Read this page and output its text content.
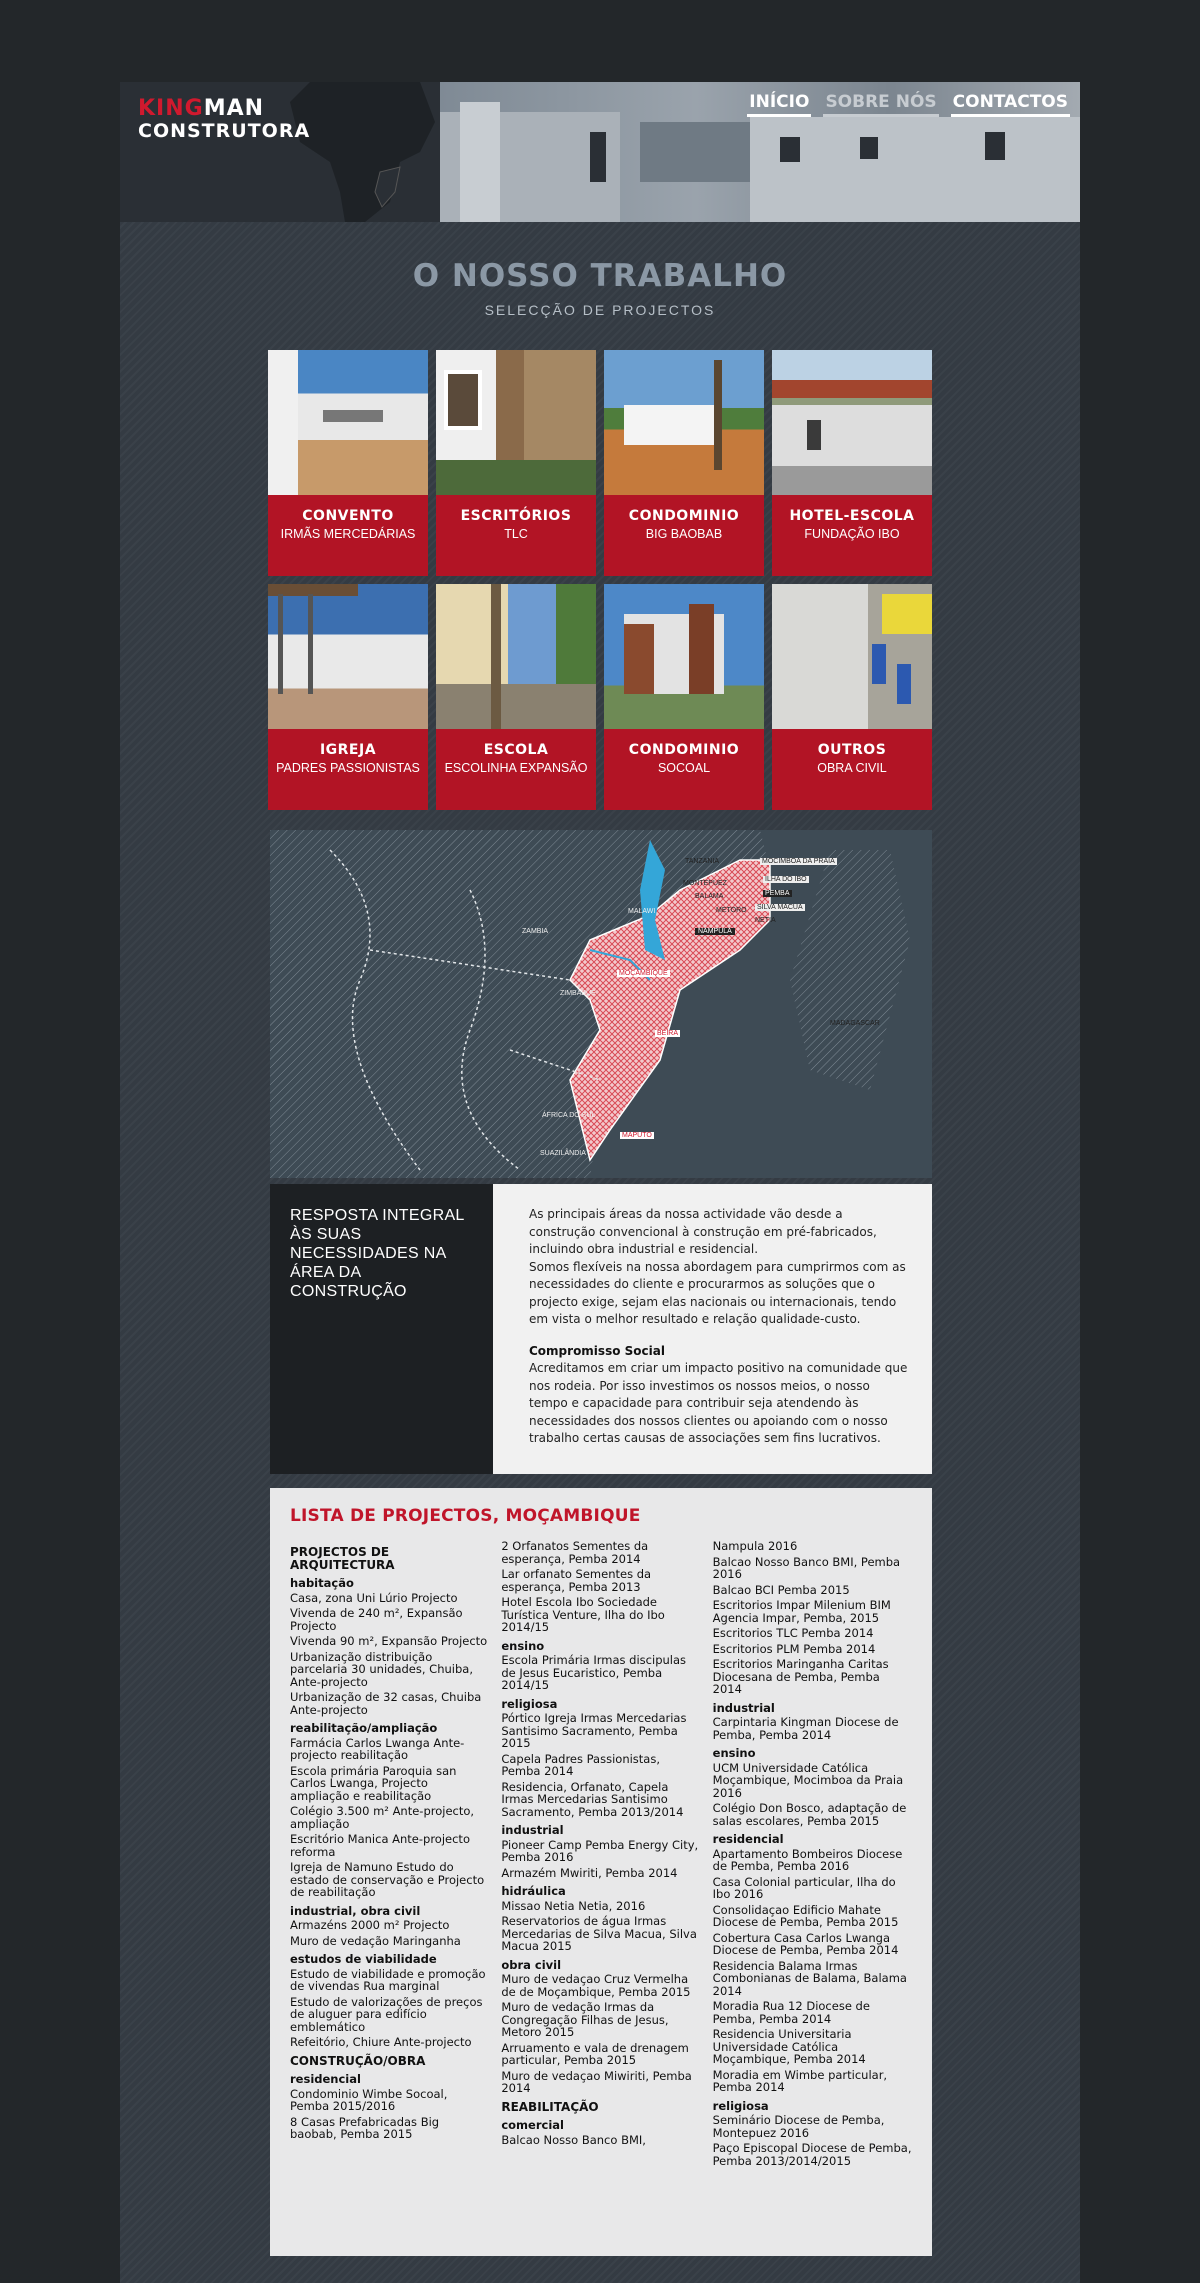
KINGMAN
CONSTRUTORA
INÍCIO SOBRE NÓS CONTACTOS
O NOSSO TRABALHO
SELECÇÃO DE PROJECTOS
CONVENTO
IRMÃS MERCEDÁRIAS
ESCRITÓRIOS
TLC
CONDOMINIO
BIG BAOBAB
HOTEL-ESCOLA
FUNDAÇÃO IBO
IGREJA
PADRES PASSIONISTAS
ESCOLA
ESCOLINHA EXPANSÃO
CONDOMINIO
SOCOAL
OUTROS
OBRA CIVIL
TANZANIA	MOCIMBOA DA PRAIA
ILHA DO IBO
MONTEPUEZ
BALAMA	PEMBA
METORO SILVA MACUA
NETIA
MALAWI
NAMPULA
ZAMBIA
MOÇAMBIQUE
ZIMBABUE
BEIRA
MADAGASCAR
ÁFRICA DO SUL
MAPUTO
SUAZILÂNDIA
RESPOSTA INTEGRAL ÀS SUAS NECESSIDADES NA ÁREA DA CONSTRUÇÃO

As principais áreas da nossa actividade vão desde a construção convencional à construção em pré-fabricados, incluindo obra industrial e residencial.

Somos flexíveis na nossa abordagem para cumprirmos com as necessidades do cliente e procurarmos as soluções que o projecto exige, sejam elas nacionais ou internacionais, tendo em vista o melhor resultado e relação qualidade-custo.

Compromisso Social

Acreditamos em criar um impacto positivo na comunidade que nos rodeia. Por isso investimos os nossos meios, o nosso tempo e capacidade para contribuir seja atendendo às necessidades dos nossos clientes ou apoiando com o nosso trabalho certas causas de associações sem fins lucrativos.

LISTA DE PROJECTOS, MOÇAMBIQUE
PROJECTOS DE ARQUITECTURA
habitação
Casa, zona Uni Lúrio Projecto
Vivenda de 240 m², Expansão Projecto
Vivenda 90 m², Expansão Projecto
Urbanização distribuição parcelaria 30 unidades, Chuiba, Ante-projecto
Urbanização de 32 casas, Chuiba Ante-projecto
reabilitação/ampliação
Farmácia Carlos Lwanga Ante-projecto reabilitação
Escola primária Paroquia san Carlos Lwanga, Projecto ampliação e reabilitação
Colégio 3.500 m² Ante-projecto, ampliação
Escritório Manica Ante-projecto reforma
Igreja de Namuno Estudo do estado de conservação e Projecto de reabilitação
industrial, obra civil
Armazéns 2000 m² Projecto
Muro de vedação Maringanha
estudos de viabilidade
Estudo de viabilidade e promoção de vivendas Rua marginal
Estudo de valorizações de preços de aluguer para edifício emblemático
Refeitório, Chiure Ante-projecto
CONSTRUÇÃO/OBRA
residencial
Condominio Wimbe Socoal, Pemba 2015/2016
8 Casas Prefabricadas Big baobab, Pemba 2015
2 Orfanatos Sementes da esperança, Pemba 2014
Lar orfanato Sementes da esperança, Pemba 2013
Hotel Escola Ibo Sociedade Turística Venture, Ilha do Ibo 2014/15
ensino
Escola Primária Irmas discipulas de Jesus Eucaristico, Pemba 2014/15
religiosa
Pórtico Igreja Irmas Mercedarias Santisimo Sacramento, Pemba 2015
Capela Padres Passionistas, Pemba 2014
Residencia, Orfanato, Capela Irmas Mercedarias Santisimo Sacramento, Pemba 2013/2014
industrial
Pioneer Camp Pemba Energy City, Pemba 2016
Armazém Mwiriti, Pemba 2014
hidráulica
Missao Netia Netia, 2016
Reservatorios de água Irmas Mercedarias de Silva Macua, Silva Macua 2015
obra civil
Muro de vedaçao Cruz Vermelha de de Moçambique, Pemba 2015
Muro de vedação Irmas da Congregação Filhas de Jesus, Metoro 2015
Arruamento e vala de drenagem particular, Pemba 2015
Muro de vedaçao Miwiriti, Pemba 2014
REABILITAÇÃO
comercial
Balcao Nosso Banco BMI,
Nampula 2016
Balcao Nosso Banco BMI, Pemba 2016
Balcao BCI Pemba 2015
Escritorios Impar Milenium BIM Agencia Impar, Pemba, 2015
Escritorios TLC Pemba 2014
Escritorios PLM Pemba 2014
Escritorios Maringanha Caritas Diocesana de Pemba, Pemba 2014
industrial
Carpintaria Kingman Diocese de Pemba, Pemba 2014
ensino
UCM Universidade Católica Moçambique, Mocimboa da Praia 2016
Colégio Don Bosco, adaptação de salas escolares, Pemba 2015
residencial
Apartamento Bombeiros Diocese de Pemba, Pemba 2016
Casa Colonial particular, Ilha do Ibo 2016
Consolidaçao Edificio Mahate Diocese de Pemba, Pemba 2015
Cobertura Casa Carlos Lwanga Diocese de Pemba, Pemba 2014
Residencia Balama Irmas Combonianas de Balama, Balama 2014
Moradia Rua 12 Diocese de Pemba, Pemba 2014
Residencia Universitaria Universidade Católica Moçambique, Pemba 2014
Moradia em Wimbe particular, Pemba 2014
religiosa
Seminário Diocese de Pemba, Montepuez 2016
Paço Episcopal Diocese de Pemba, Pemba 2013/2014/2015
